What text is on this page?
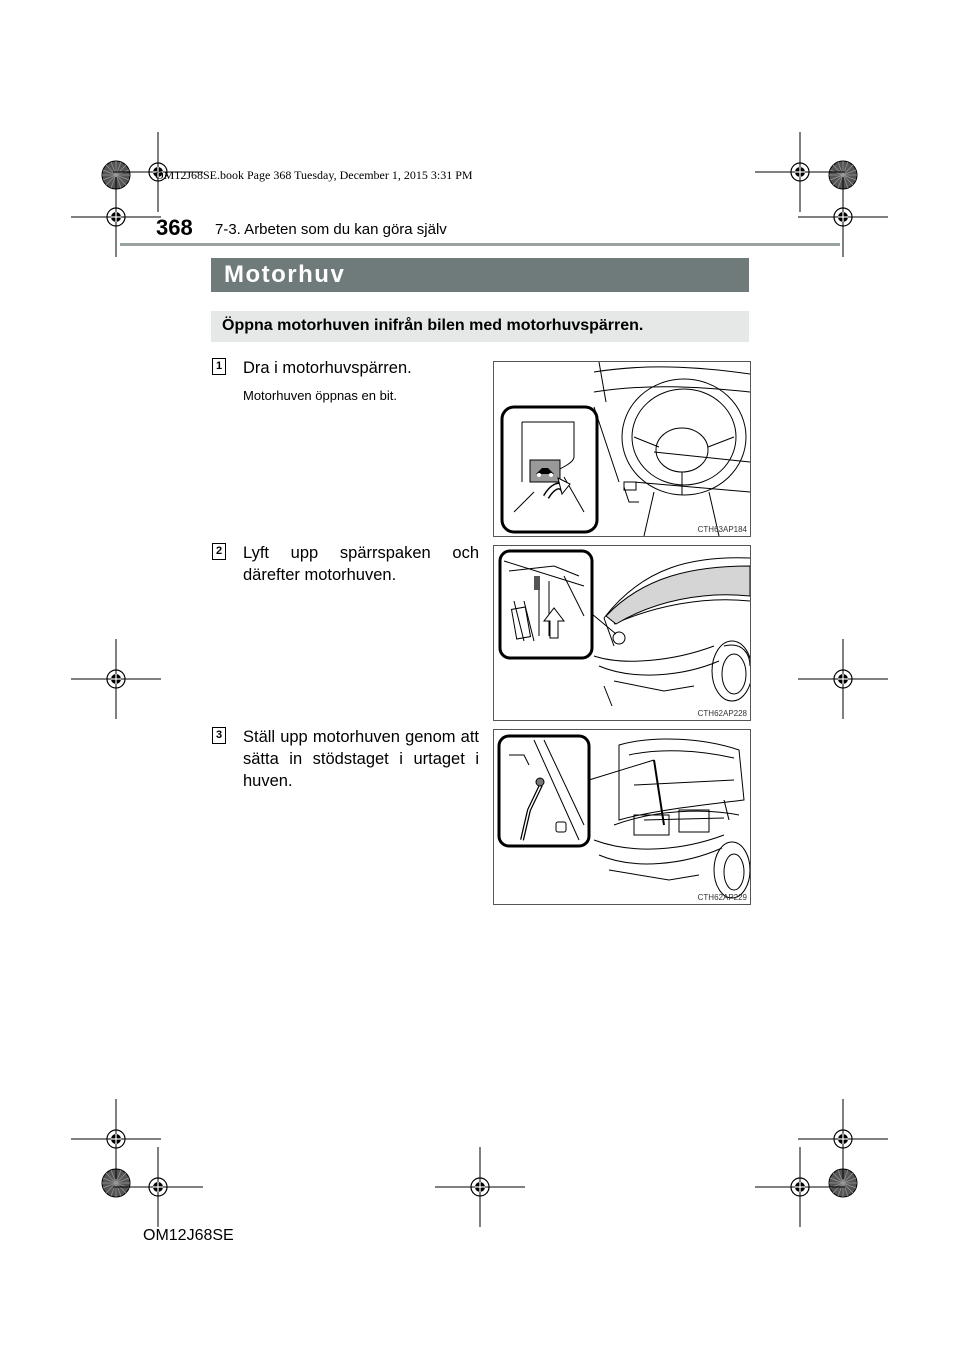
OM12J68SE.book Page 368 Tuesday, December 1, 2015 3:31 PM
368 7-3. Arbeten som du kan göra själv
Motorhuv
Öppna motorhuven inifrån bilen med motorhuvspärren.
1 Dra i motorhuvspärren.
Motorhuven öppnas en bit.
CTH63AP184
2 Lyft upp spärrspaken och därefter motorhuven.
CTH62AP228
3 Ställ upp motorhuven genom att sätta in stödstaget i urtaget i huven.
CTH62AP229
OM12J68SE
